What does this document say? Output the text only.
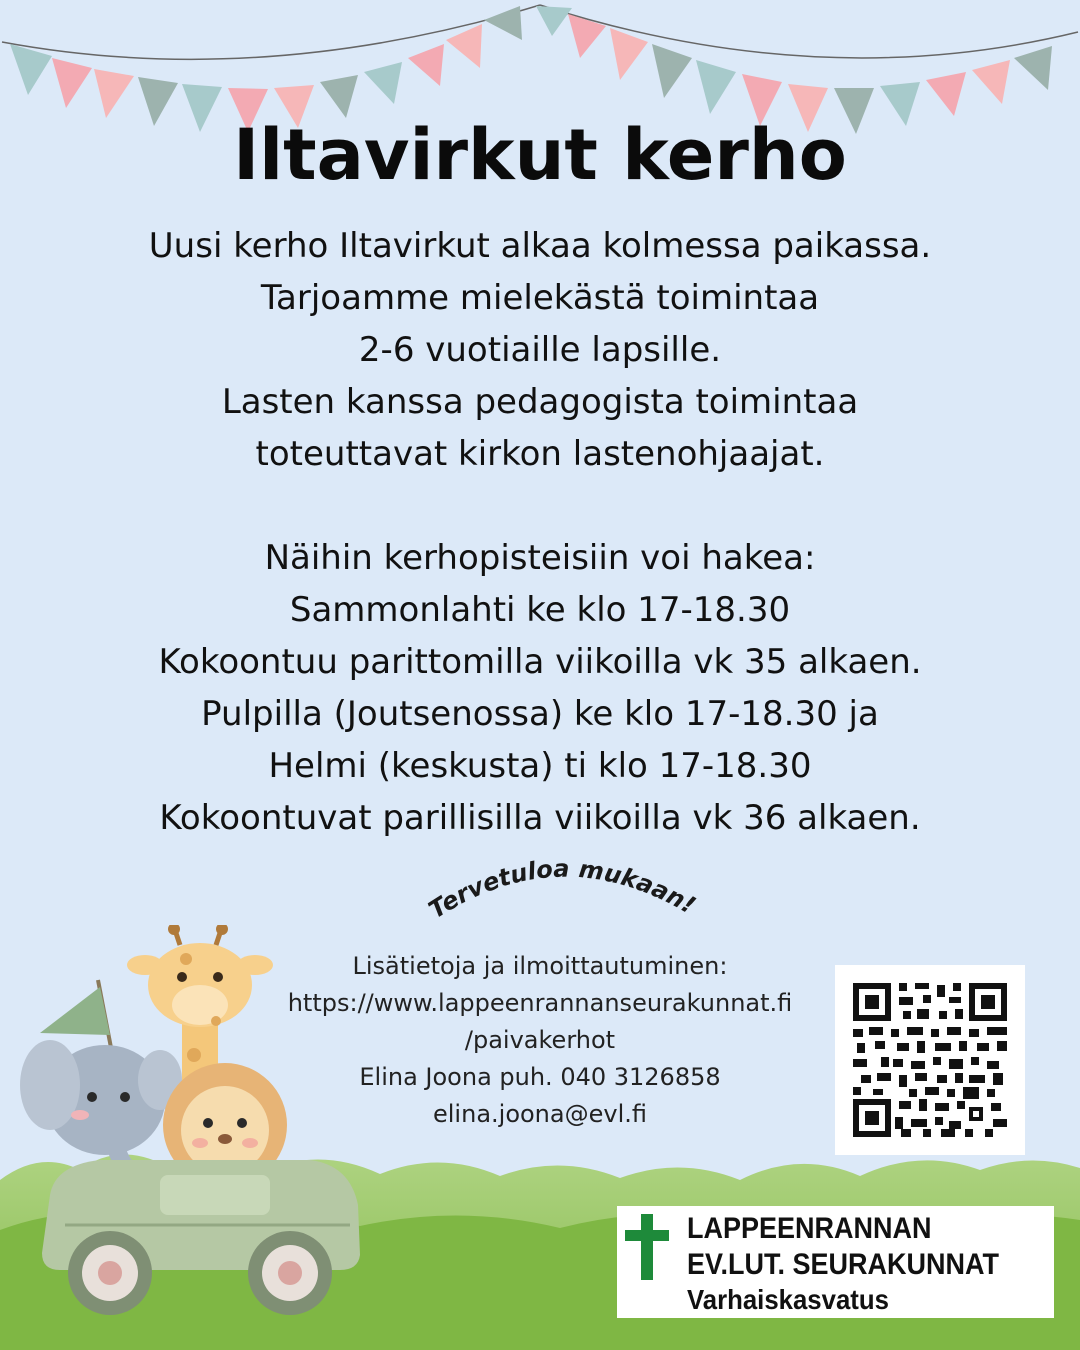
Iltavirkut kerho
Uusi kerho Iltavirkut alkaa kolmessa paikassa.
Tarjoamme mielekästä toimintaa
2-6 vuotiaille lapsille.
Lasten kanssa pedagogista toimintaa
toteuttavat kirkon lastenohjaajat.
Näihin kerhopisteisiin voi hakea:
Sammonlahti ke klo 17-18.30
Kokoontuu parittomilla viikoilla vk 35 alkaen.
Pulpilla (Joutsenossa) ke klo 17-18.30 ja
Helmi (keskusta) ti klo 17-18.30
Kokoontuvat parillisilla viikoilla vk 36 alkaen.
Tervetuloa mukaan!
Lisätietoja ja ilmoittautuminen:
https://www.lappeenrannanseurakunnat.fi
/paivakerhot
Elina Joona puh. 040 3126858
elina.joona@evl.fi
LAPPEENRANNAN
EV.LUT. SEURAKUNNAT
Varhaiskasvatus
